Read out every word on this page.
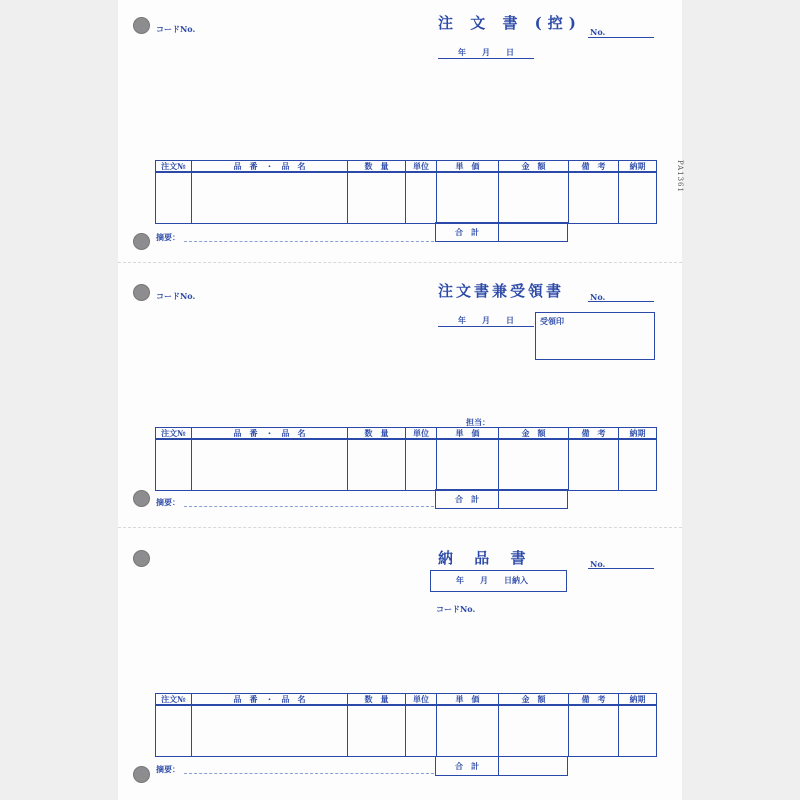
PA1361
コードNo.	注 文 書 (控) No.
年　　月　　日
注文№	品　番　・　品　名	数　量	単位	単　価	金　額	備　考	納期

摘要：	合　計
コードNo.	注文書兼受領書	No.
年　　月　　日	受領印
担当：
注文№	品　番　・　品　名	数　量	単位	単　価	金　額	備　考	納期

摘要：	合　計
納 品 書	No.
年　　月　　日納入
コードNo.
注文№	品　番　・　品　名	数　量	単位	単　価	金　額	備　考	納期

摘要：	合　計
